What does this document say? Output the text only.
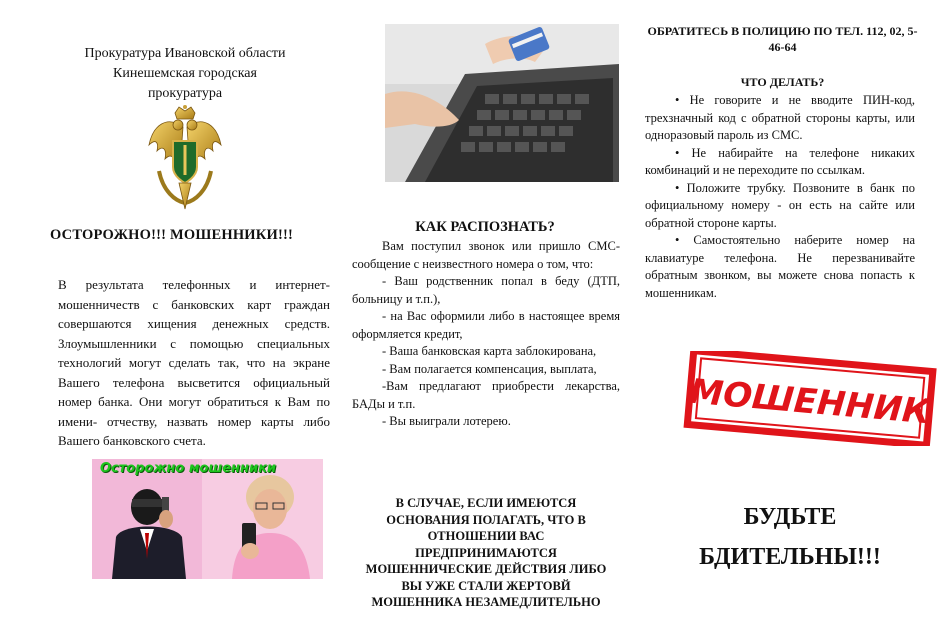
Прокуратура Ивановской области
Кинешемская городская
прокуратура
ОСТОРОЖНО!!! МОШЕННИКИ!!!
В результата телефонных и интернет-мошенничеств с банковских карт граждан совершаются хищения денежных средств. Злоумышленники с помощью специальных технологий могут сделать так, что на экране Вашего телефона высветится официальный номер банка. Они могут обратиться к Вам по имени- отчеству, назвать номер карты либо Вашего банковского счета.
Осторожно мошенники
КАК РАСПОЗНАТЬ?

Вам поступил звонок или пришло СМС- сообщение с неизвестного номера о том, что:

- Ваш родственник попал в беду (ДТП, больницу и т.п.),

- на Вас оформили либо в настоящее время оформляется кредит,

- Ваша банковская карта заблокирована,

- Вам полагается компенсация, выплата,

-Вам предлагают приобрести лекарства, БАДы и т.п.

- Вы выиграли лотерею.

В СЛУЧАЕ, ЕСЛИ ИМЕЮТСЯ ОСНОВАНИЯ ПОЛАГАТЬ, ЧТО В ОТНОШЕНИИ ВАС ПРЕДПРИНИМАЮТСЯ МОШЕННИЧЕСКИЕ ДЕЙСТВИЯ ЛИБО ВЫ УЖЕ СТАЛИ ЖЕРТОВЙ МОШЕННИКА НЕЗАМЕДЛИТЕЛЬНО
ОБРАТИТЕСЬ В ПОЛИЦИЮ ПО ТЕЛ. 112, 02, 5-46-64
ЧТО ДЕЛАТЬ?

• Не говорите и не вводите ПИН-код, трехзначный код с обратной стороны карты, или одноразовый пароль из СМС.

• Не набирайте на телефоне никаких комбинаций и не переходите по ссылкам.

• Положите трубку. Позвоните в банк по официальному номеру - он есть на сайте или обратной стороне карты.

• Самостоятельно наберите номер на клавиатуре телефона. Не перезванивайте обратным звонком, вы можете снова попасть к мошенникам.

МОШЕННИК
БУДЬТЕ
БДИТЕЛЬНЫ!!!
